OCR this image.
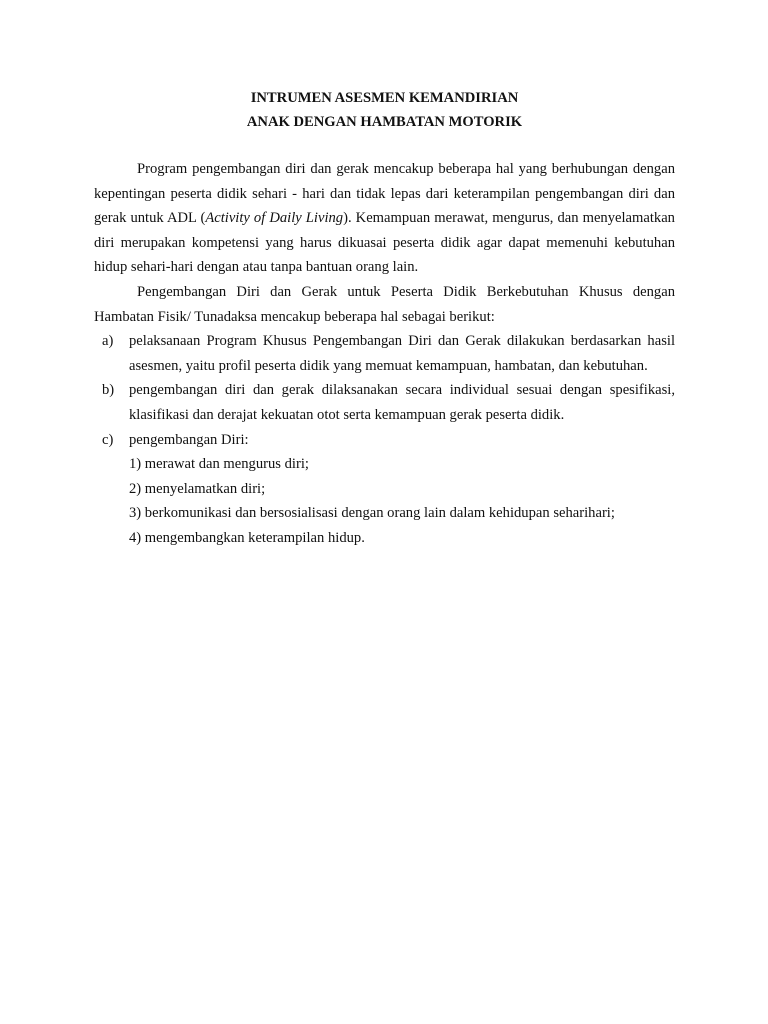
INTRUMEN ASESMEN KEMANDIRIAN
ANAK DENGAN HAMBATAN MOTORIK

Program pengembangan diri dan gerak mencakup beberapa hal yang berhubungan dengan kepentingan peserta didik sehari - hari dan tidak lepas dari keterampilan pengembangan diri dan gerak untuk ADL (Activity of Daily Living). Kemampuan merawat, mengurus, dan menyelamatkan diri merupakan kompetensi yang harus dikuasai peserta didik agar dapat memenuhi kebutuhan hidup sehari-hari dengan atau tanpa bantuan orang lain.

Pengembangan Diri dan Gerak untuk Peserta Didik Berkebutuhan Khusus dengan Hambatan Fisik/ Tunadaksa mencakup beberapa hal sebagai berikut:

a) pelaksanaan Program Khusus Pengembangan Diri dan Gerak dilakukan berdasarkan hasil asesmen, yaitu profil peserta didik yang memuat kemampuan, hambatan, dan kebutuhan.
b) pengembangan diri dan gerak dilaksanakan secara individual sesuai dengan spesifikasi, klasifikasi dan derajat kekuatan otot serta kemampuan gerak peserta didik.
c) pengembangan Diri:
1) merawat dan mengurus diri;
2) menyelamatkan diri;
3) berkomunikasi dan bersosialisasi dengan orang lain dalam kehidupan seharihari;
4) mengembangkan keterampilan hidup.
